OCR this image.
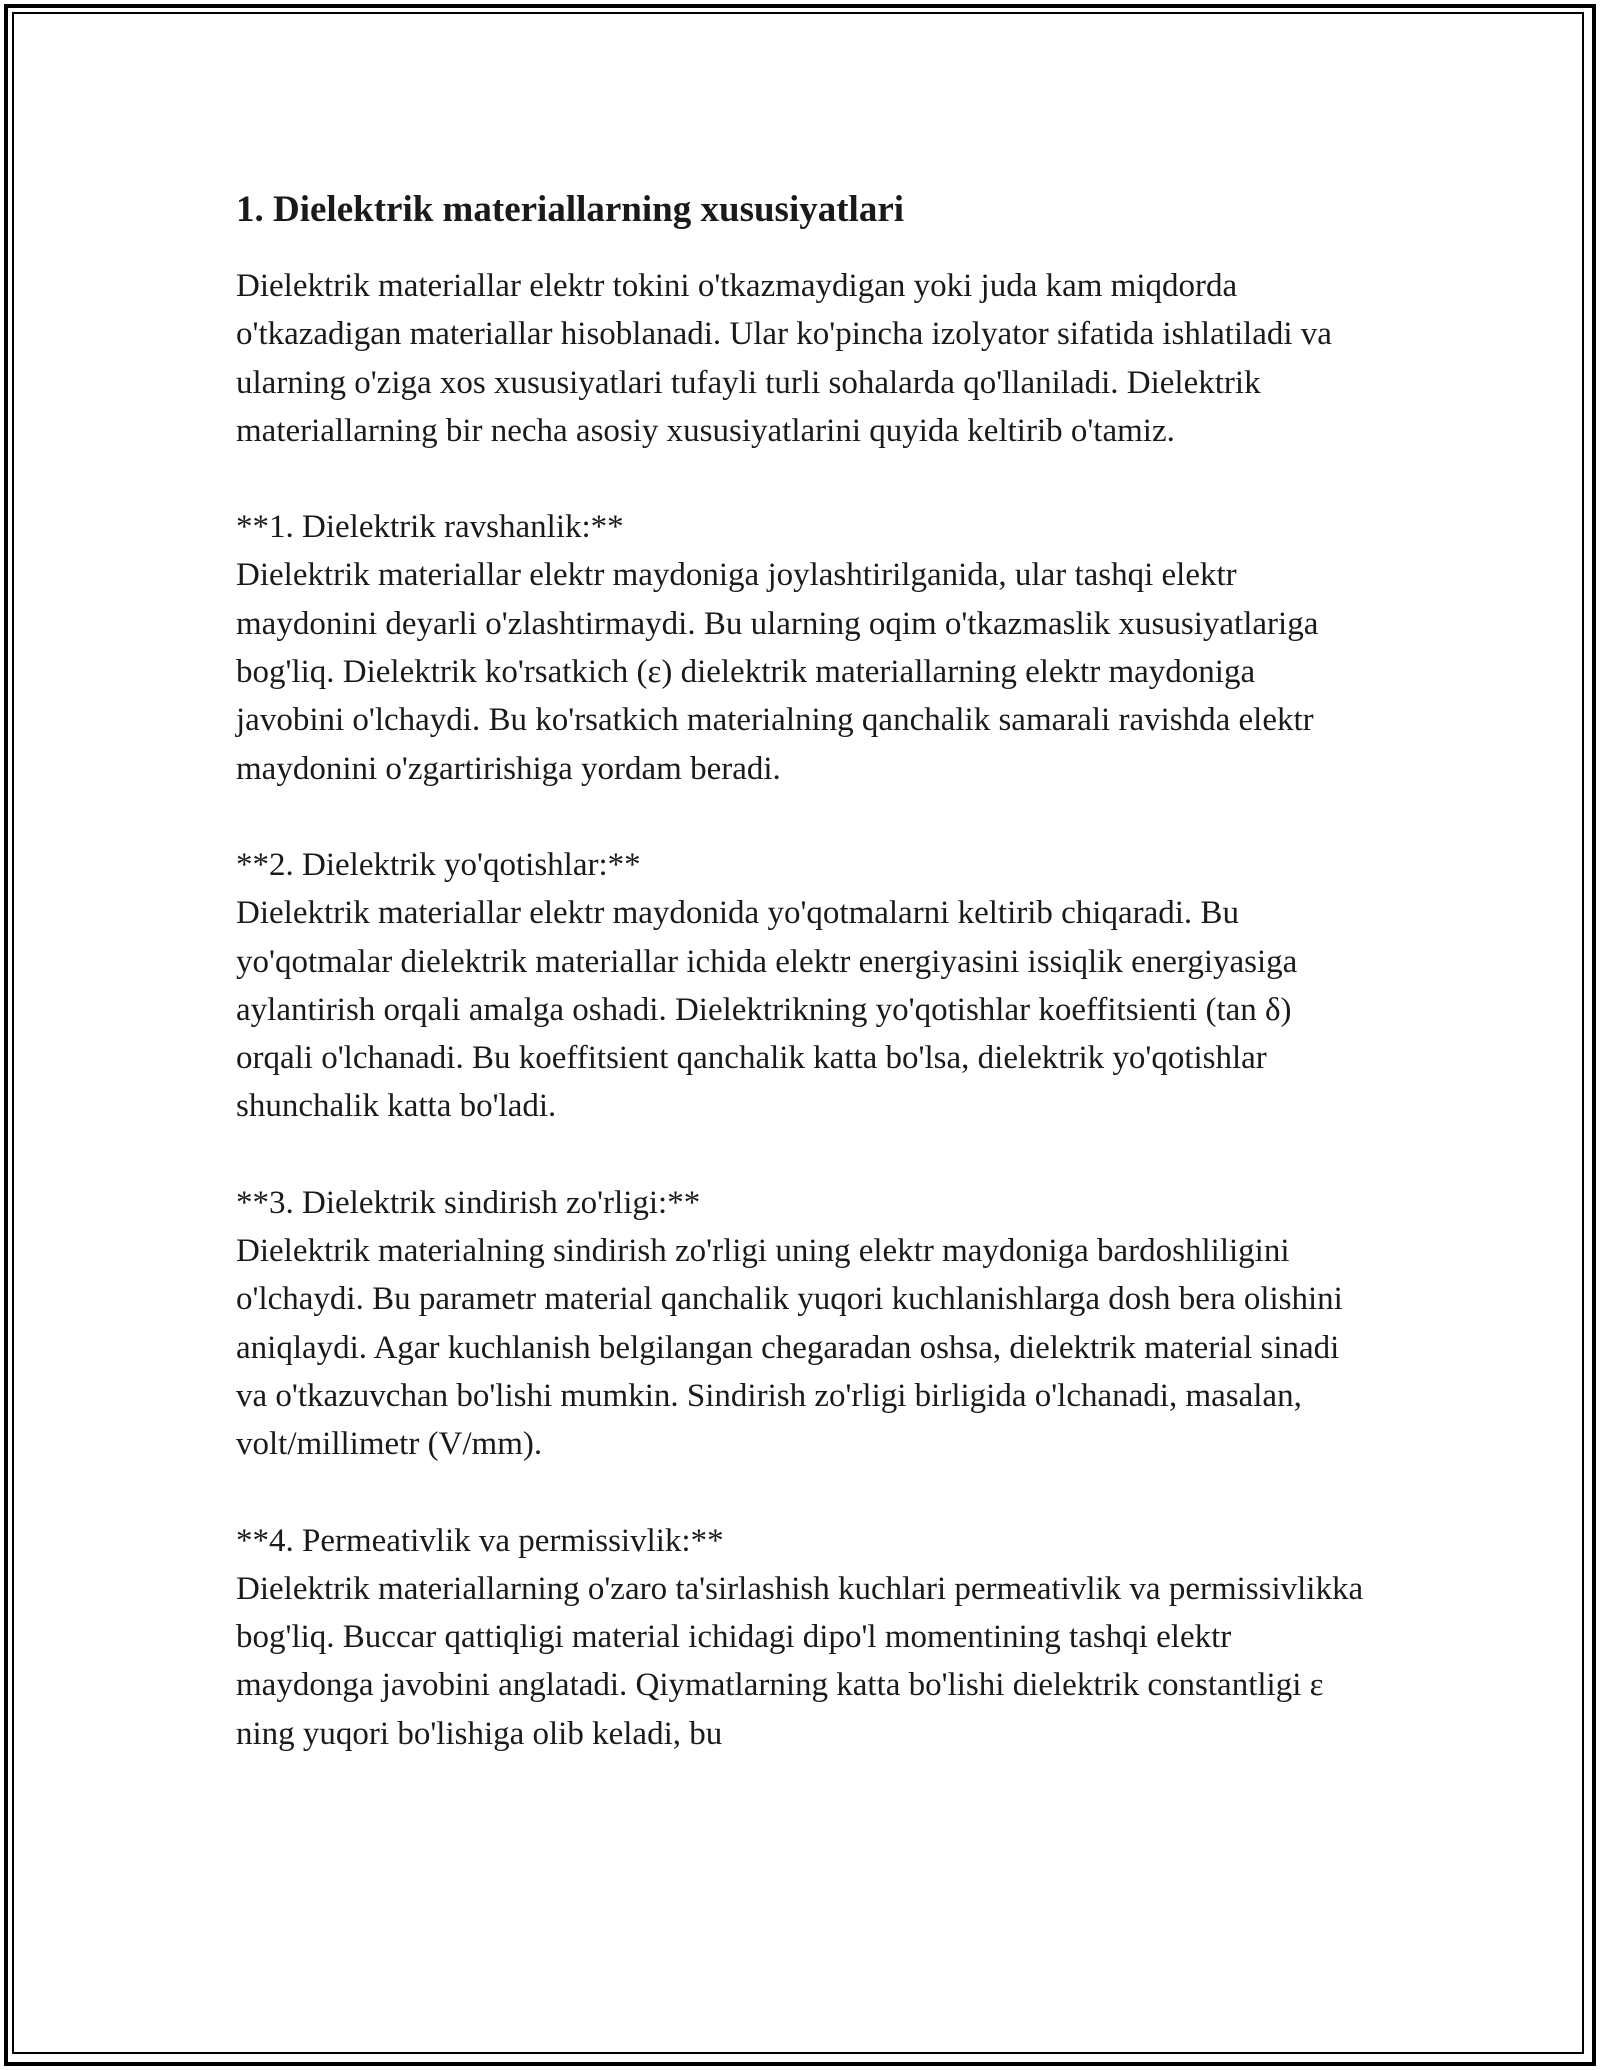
1. Dielektrik materiallarning xususiyatlari
Dielektrik materiallar elektr tokini o'tkazmaydigan yoki juda kam miqdorda o'tkazadigan materiallar hisoblanadi. Ular ko'pincha izolyator sifatida ishlatiladi va ularning o'ziga xos xususiyatlari tufayli turli sohalarda qo'llaniladi. Dielektrik materiallarning bir necha asosiy xususiyatlarini quyida keltirib o'tamiz.
**1. Dielektrik ravshanlik:**
Dielektrik materiallar elektr maydoniga joylashtirilganida, ular tashqi elektr maydonini deyarli o'zlashtirmaydi. Bu ularning oqim o'tkazmaslik xususiyatlariga bog'liq. Dielektrik ko'rsatkich (ε) dielektrik materiallarning elektr maydoniga javobini o'lchaydi. Bu ko'rsatkich materialning qanchalik samarali ravishda elektr maydonini o'zgartirishiga yordam beradi.
**2. Dielektrik yo'qotishlar:**
Dielektrik materiallar elektr maydonida yo'qotmalarni keltirib chiqaradi. Bu yo'qotmalar dielektrik materiallar ichida elektr energiyasini issiqlik energiyasiga aylantirish orqali amalga oshadi. Dielektrikning yo'qotishlar koeffitsienti (tan δ) orqali o'lchanadi. Bu koeffitsient qanchalik katta bo'lsa, dielektrik yo'qotishlar shunchalik katta bo'ladi.
**3. Dielektrik sindirish zo'rligi:**
Dielektrik materialning sindirish zo'rligi uning elektr maydoniga bardoshliligini o'lchaydi. Bu parametr material qanchalik yuqori kuchlanishlarga dosh bera olishini aniqlaydi. Agar kuchlanish belgilangan chegaradan oshsa, dielektrik material sinadi va o'tkazuvchan bo'lishi mumkin. Sindirish zo'rligi birligida o'lchanadi, masalan, volt/millimetr (V/mm).
**4. Permeativlik va permissivlik:**
Dielektrik materiallarning o'zaro ta'sirlashish kuchlari permeativlik va permissivlikka bog'liq. Buccar qattiqligi material ichidagi dipo'l momentining tashqi elektr maydonga javobini anglatadi. Qiymatlarning katta bo'lishi dielektrik constantligi ε ning yuqori bo'lishiga olib keladi, bu
